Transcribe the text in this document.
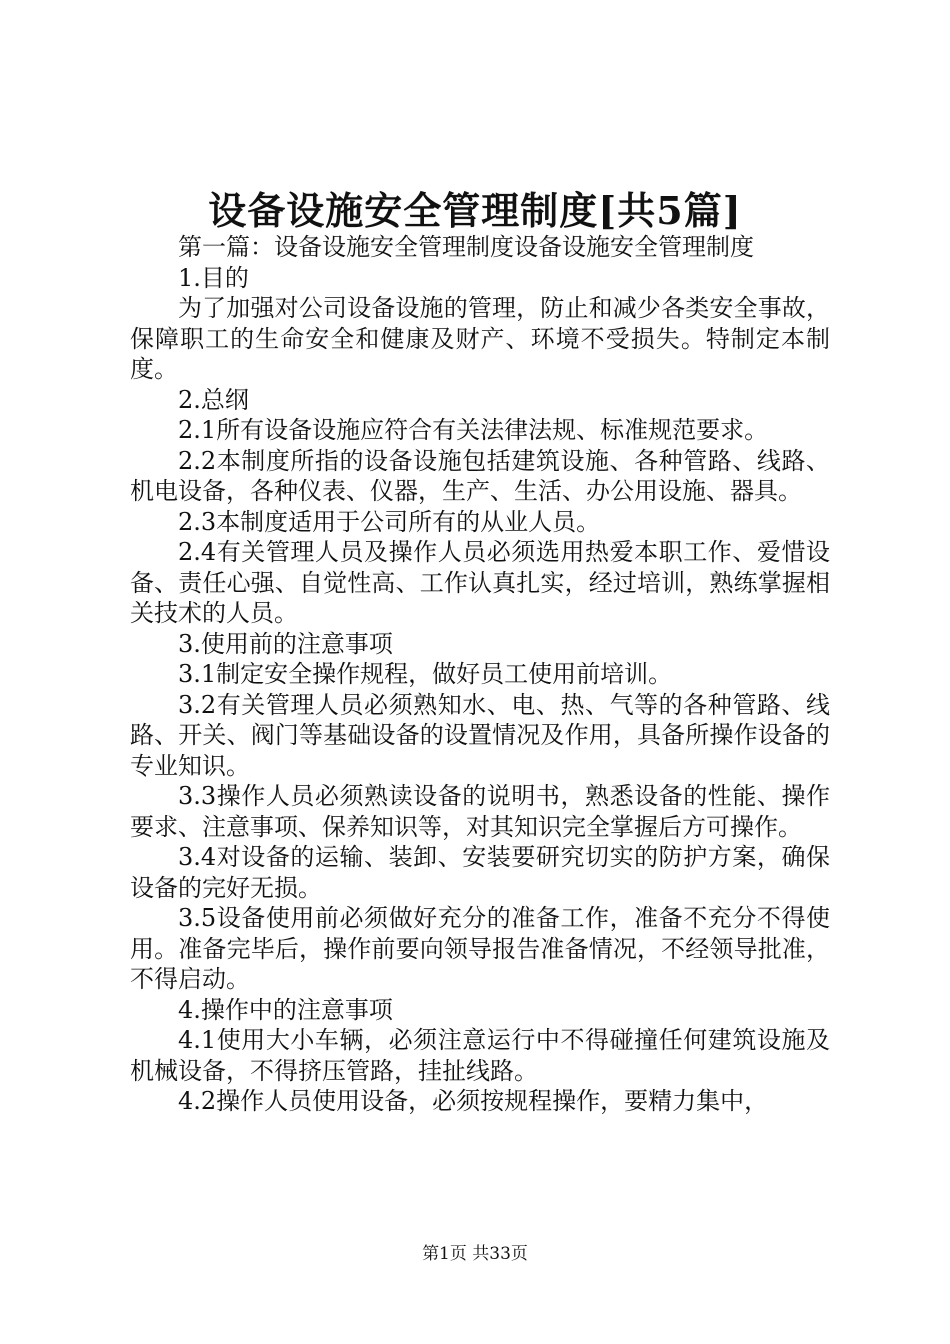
设备设施安全管理制度[共5篇]

第一篇：设备设施安全管理制度设备设施安全管理制度

1.目的

为了加强对公司设备设施的管理，防止和减少各类安全事故，保障职工的生命安全和健康及财产、环境不受损失。特制定本制度。

2.总纲

2.1所有设备设施应符合有关法律法规、标准规范要求。

2.2本制度所指的设备设施包括建筑设施、各种管路、线路、机电设备，各种仪表、仪器，生产、生活、办公用设施、器具。

2.3本制度适用于公司所有的从业人员。

2.4有关管理人员及操作人员必须选用热爱本职工作、爱惜设备、责任心强、自觉性高、工作认真扎实，经过培训，熟练掌握相关技术的人员。

3.使用前的注意事项

3.1制定安全操作规程，做好员工使用前培训。

3.2有关管理人员必须熟知水、电、热、气等的各种管路、线路、开关、阀门等基础设备的设置情况及作用，具备所操作设备的专业知识。

3.3操作人员必须熟读设备的说明书，熟悉设备的性能、操作要求、注意事项、保养知识等，对其知识完全掌握后方可操作。

3.4对设备的运输、装卸、安装要研究切实的防护方案，确保设备的完好无损。

3.5设备使用前必须做好充分的准备工作，准备不充分不得使用。准备完毕后，操作前要向领导报告准备情况，不经领导批准，不得启动。

4.操作中的注意事项

4.1使用大小车辆，必须注意运行中不得碰撞任何建筑设施及机械设备，不得挤压管路，挂扯线路。

4.2操作人员使用设备，必须按规程操作，要精力集中，

第1页 共33页
